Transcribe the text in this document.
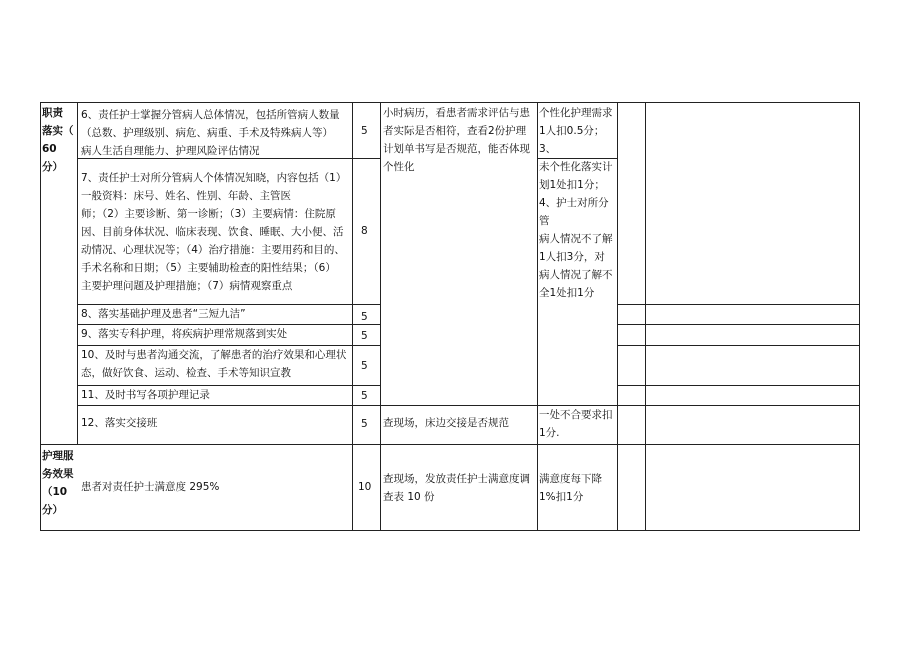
职责
落实（
60
分）
护理服
务效果
（10
分）
6、责任护士掌握分管病人总体情况，包括所管病人数量
（总数、护理级别、病危、病重、手术及特殊病人等）
病人生活自理能力、护理风险评估情况
7、责任护士对所分管病人个体情况知晓，内容包括（1）
一般资料：床号、姓名、性别、年龄、主管医
师；（2）主要诊断、第一诊断；（3）主要病情：住院原
因、目前身体状况、临床表现、饮食、睡眠、大小便、活
动情况、心理状况等；（4）治疗措施：主要用药和目的、
手术名称和日期；（5）主要辅助检查的阳性结果；（6）
主要护理问题及护理措施；（7）病情观察重点
8、落实基础护理及患者“三短九洁”
9、落实专科护理，将疾病护理常规落到实处
10、及时与患者沟通交流，了解患者的治疗效果和心理状
态，做好饮食、运动、检查、手术等知识宣教
11、及时书写各项护理记录
12、落实交接班
患者对责任护士满意度 295%
5
8
5
5
5
5
5
10
小时病历，看患者需求评估与患
者实际是否相符，查看2份护理
计划单书写是否规范，能否体现
个性化
查现场，床边交接是否规范
查现场，发放责任护士满意度调
查表 10 份
个性化护理需求
1人扣0.5分；3、
未个性化落实计
划1处扣1分；
4、护士对所分管
病人情况不了解
1人扣3分，对
病人情况了解不
全1处扣1分
一处不合要求扣
1分.
满意度每下降
1%扣1分
